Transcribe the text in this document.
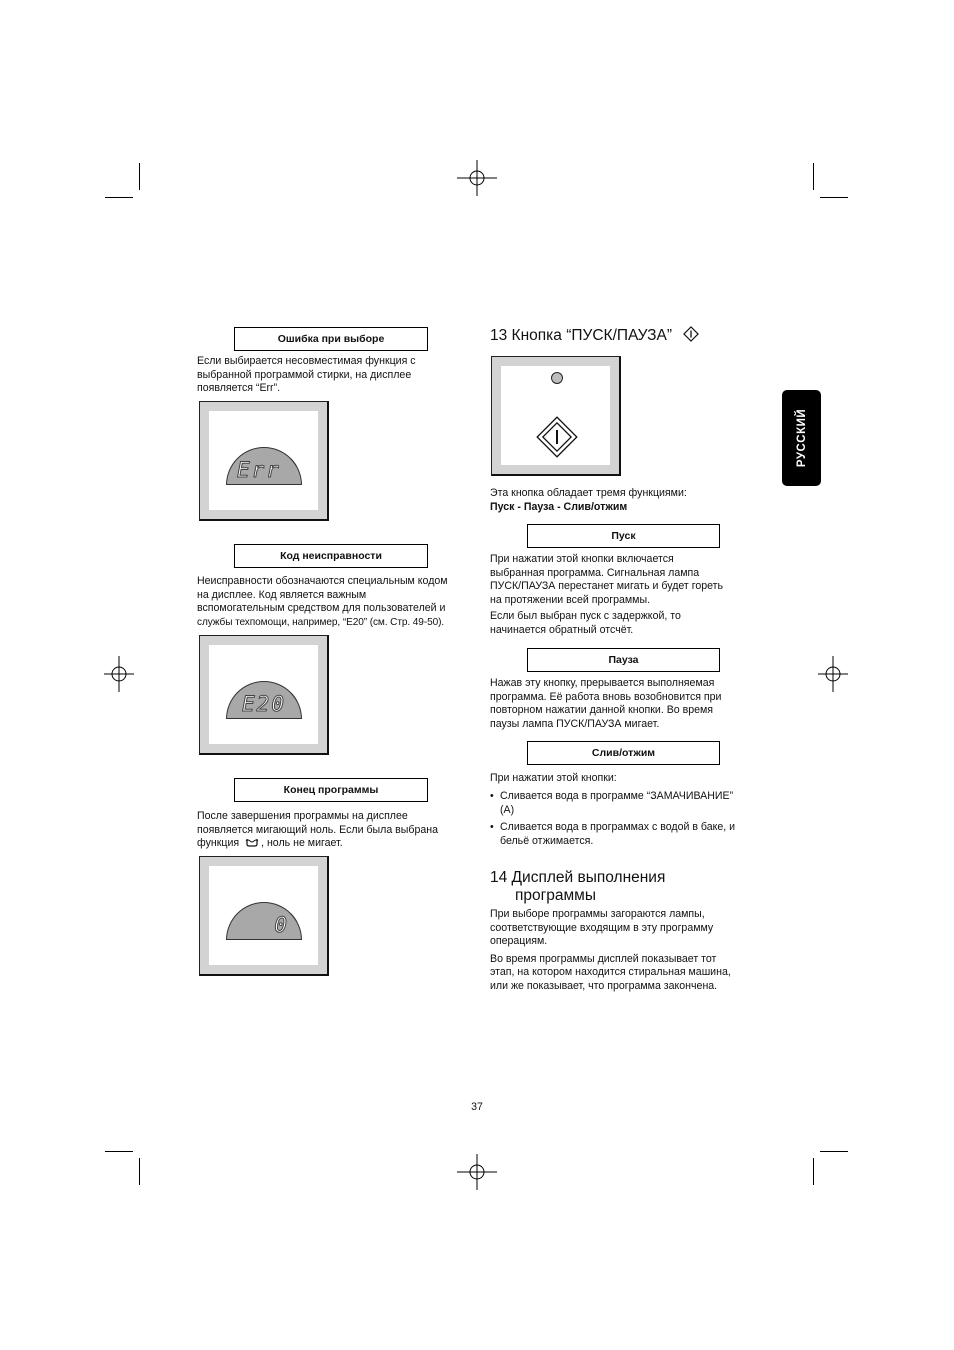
Ошибка при выборе
Если выбирается несовместимая функция с
выбранной программой стирки, на дисплее
появляется “Err”.
Err
Код неисправности
Неисправности обозначаются специальным кодом
на дисплее. Код является важным
вспомогательным средством для пользователей и
службы техпомощи, например, “E20” (см. Стр. 49-50).
E20
Конец программы
После завершения программы на дисплее
появляется мигающий ноль. Если была выбрана
функция , ноль не мигает.
0
13 Кнопка “ПУСК/ПАУЗА”
Эта кнопка обладает тремя функциями:
Пуск - Пауза - Слив/отжим
Пуск
При нажатии этой кнопки включается
выбранная программа. Сигнальная лампа
ПУСК/ПАУЗА перестанет мигать и будет гореть
на протяжении всей программы.
Если был выбран пуск с задержкой, то
начинается обратный отсчёт.
Пауза
Нажав эту кнопку, прерывается выполняемая
программа. Её работа вновь возобновится при
повторном нажатии данной кнопки. Во время
паузы лампа ПУСК/ПАУЗА мигает.
Слив/отжим
При нажатии этой кнопки:
• Сливается вода в программе “ЗАМАЧИВАНИЕ”
(A)
• Сливается вода в программах с водой в баке, и
бельё отжимается.
14 Дисплей выполнения
программы
При выборе программы загораются лампы,
соответствующие входящим в эту программу
операциям.
Во время программы дисплей показывает тот
этап, на котором находится стиральная машина,
или же показывает, что программа закончена.
РУССКИЙ
37
